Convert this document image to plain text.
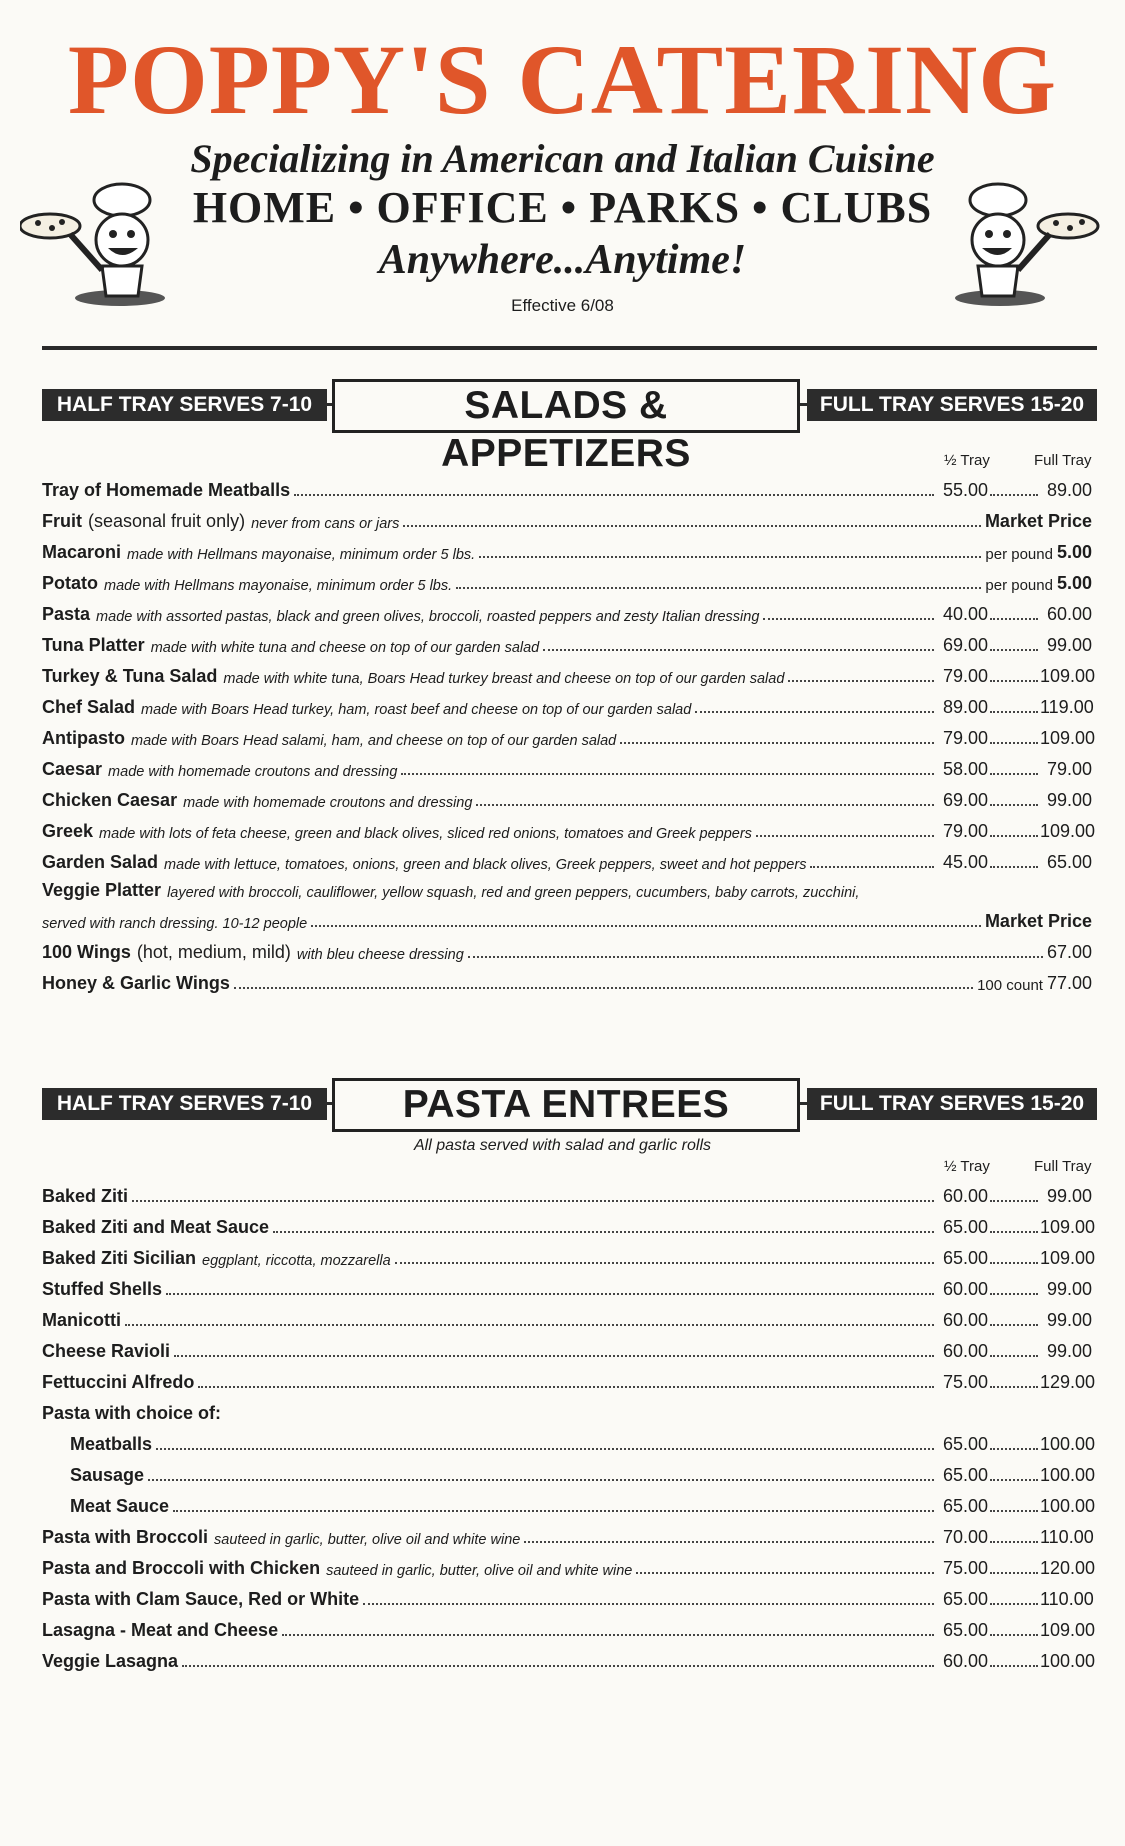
POPPY'S CATERING
Specializing in American and Italian Cuisine
HOME • OFFICE • PARKS • CLUBS
Anywhere...Anytime!
Effective 6/08
HALF TRAY SERVES 7-10	SALADS & APPETIZERS
FULL TRAY SERVES 15-20
½ Tray	Full Tray
Tray of Homemade Meatballs	55.00	89.00
Fruit (seasonal fruit only) never from cans or jars	Market Price
Macaroni made with Hellmans mayonaise, minimum order 5 lbs.	per pound 5.00
Potato made with Hellmans mayonaise, minimum order 5 lbs.	per pound 5.00
Pasta made with assorted pastas, black and green olives, broccoli, roasted peppers and zesty Italian dressing	40.00	60.00
Tuna Platter made with white tuna and cheese on top of our garden salad	69.00	99.00
Turkey & Tuna Salad made with white tuna, Boars Head turkey breast and cheese on top of our garden salad	79.00	109.00
Chef Salad made with Boars Head turkey, ham, roast beef and cheese on top of our garden salad	89.00	119.00
Antipasto made with Boars Head salami, ham, and cheese on top of our garden salad	79.00	109.00
Caesar made with homemade croutons and dressing	58.00	79.00
Chicken Caesar made with homemade croutons and dressing	69.00	99.00
Greek made with lots of feta cheese, green and black olives, sliced red onions, tomatoes and Greek peppers	79.00	109.00
Garden Salad made with lettuce, tomatoes, onions, green and black olives, Greek peppers, sweet and hot peppers	45.00	65.00
Veggie Platter layered with broccoli, cauliflower, yellow squash, red and green peppers, cucumbers, baby carrots, zucchini,
served with ranch dressing. 10-12 people	Market Price
100 Wings (hot, medium, mild) with bleu cheese dressing	67.00
Honey & Garlic Wings	100 count 77.00
HALF TRAY SERVES 7-10	PASTA ENTREES	FULL TRAY SERVES 15-20
All pasta served with salad and garlic rolls
½ Tray	Full Tray
Baked Ziti	60.00	99.00
Baked Ziti and Meat Sauce	65.00	109.00
Baked Ziti Sicilian eggplant, riccotta, mozzarella	65.00	109.00
Stuffed Shells	60.00	99.00
Manicotti	60.00	99.00
Cheese Ravioli	60.00	99.00
Fettuccini Alfredo	75.00	129.00
Pasta with choice of:
Meatballs	65.00	100.00
Sausage	65.00	100.00
Meat Sauce	65.00	100.00
Pasta with Broccoli sauteed in garlic, butter, olive oil and white wine	70.00	110.00
Pasta and Broccoli with Chicken sauteed in garlic, butter, olive oil and white wine	75.00	120.00
Pasta with Clam Sauce, Red or White	65.00	110.00
Lasagna - Meat and Cheese	65.00	109.00
Veggie Lasagna	60.00	100.00
